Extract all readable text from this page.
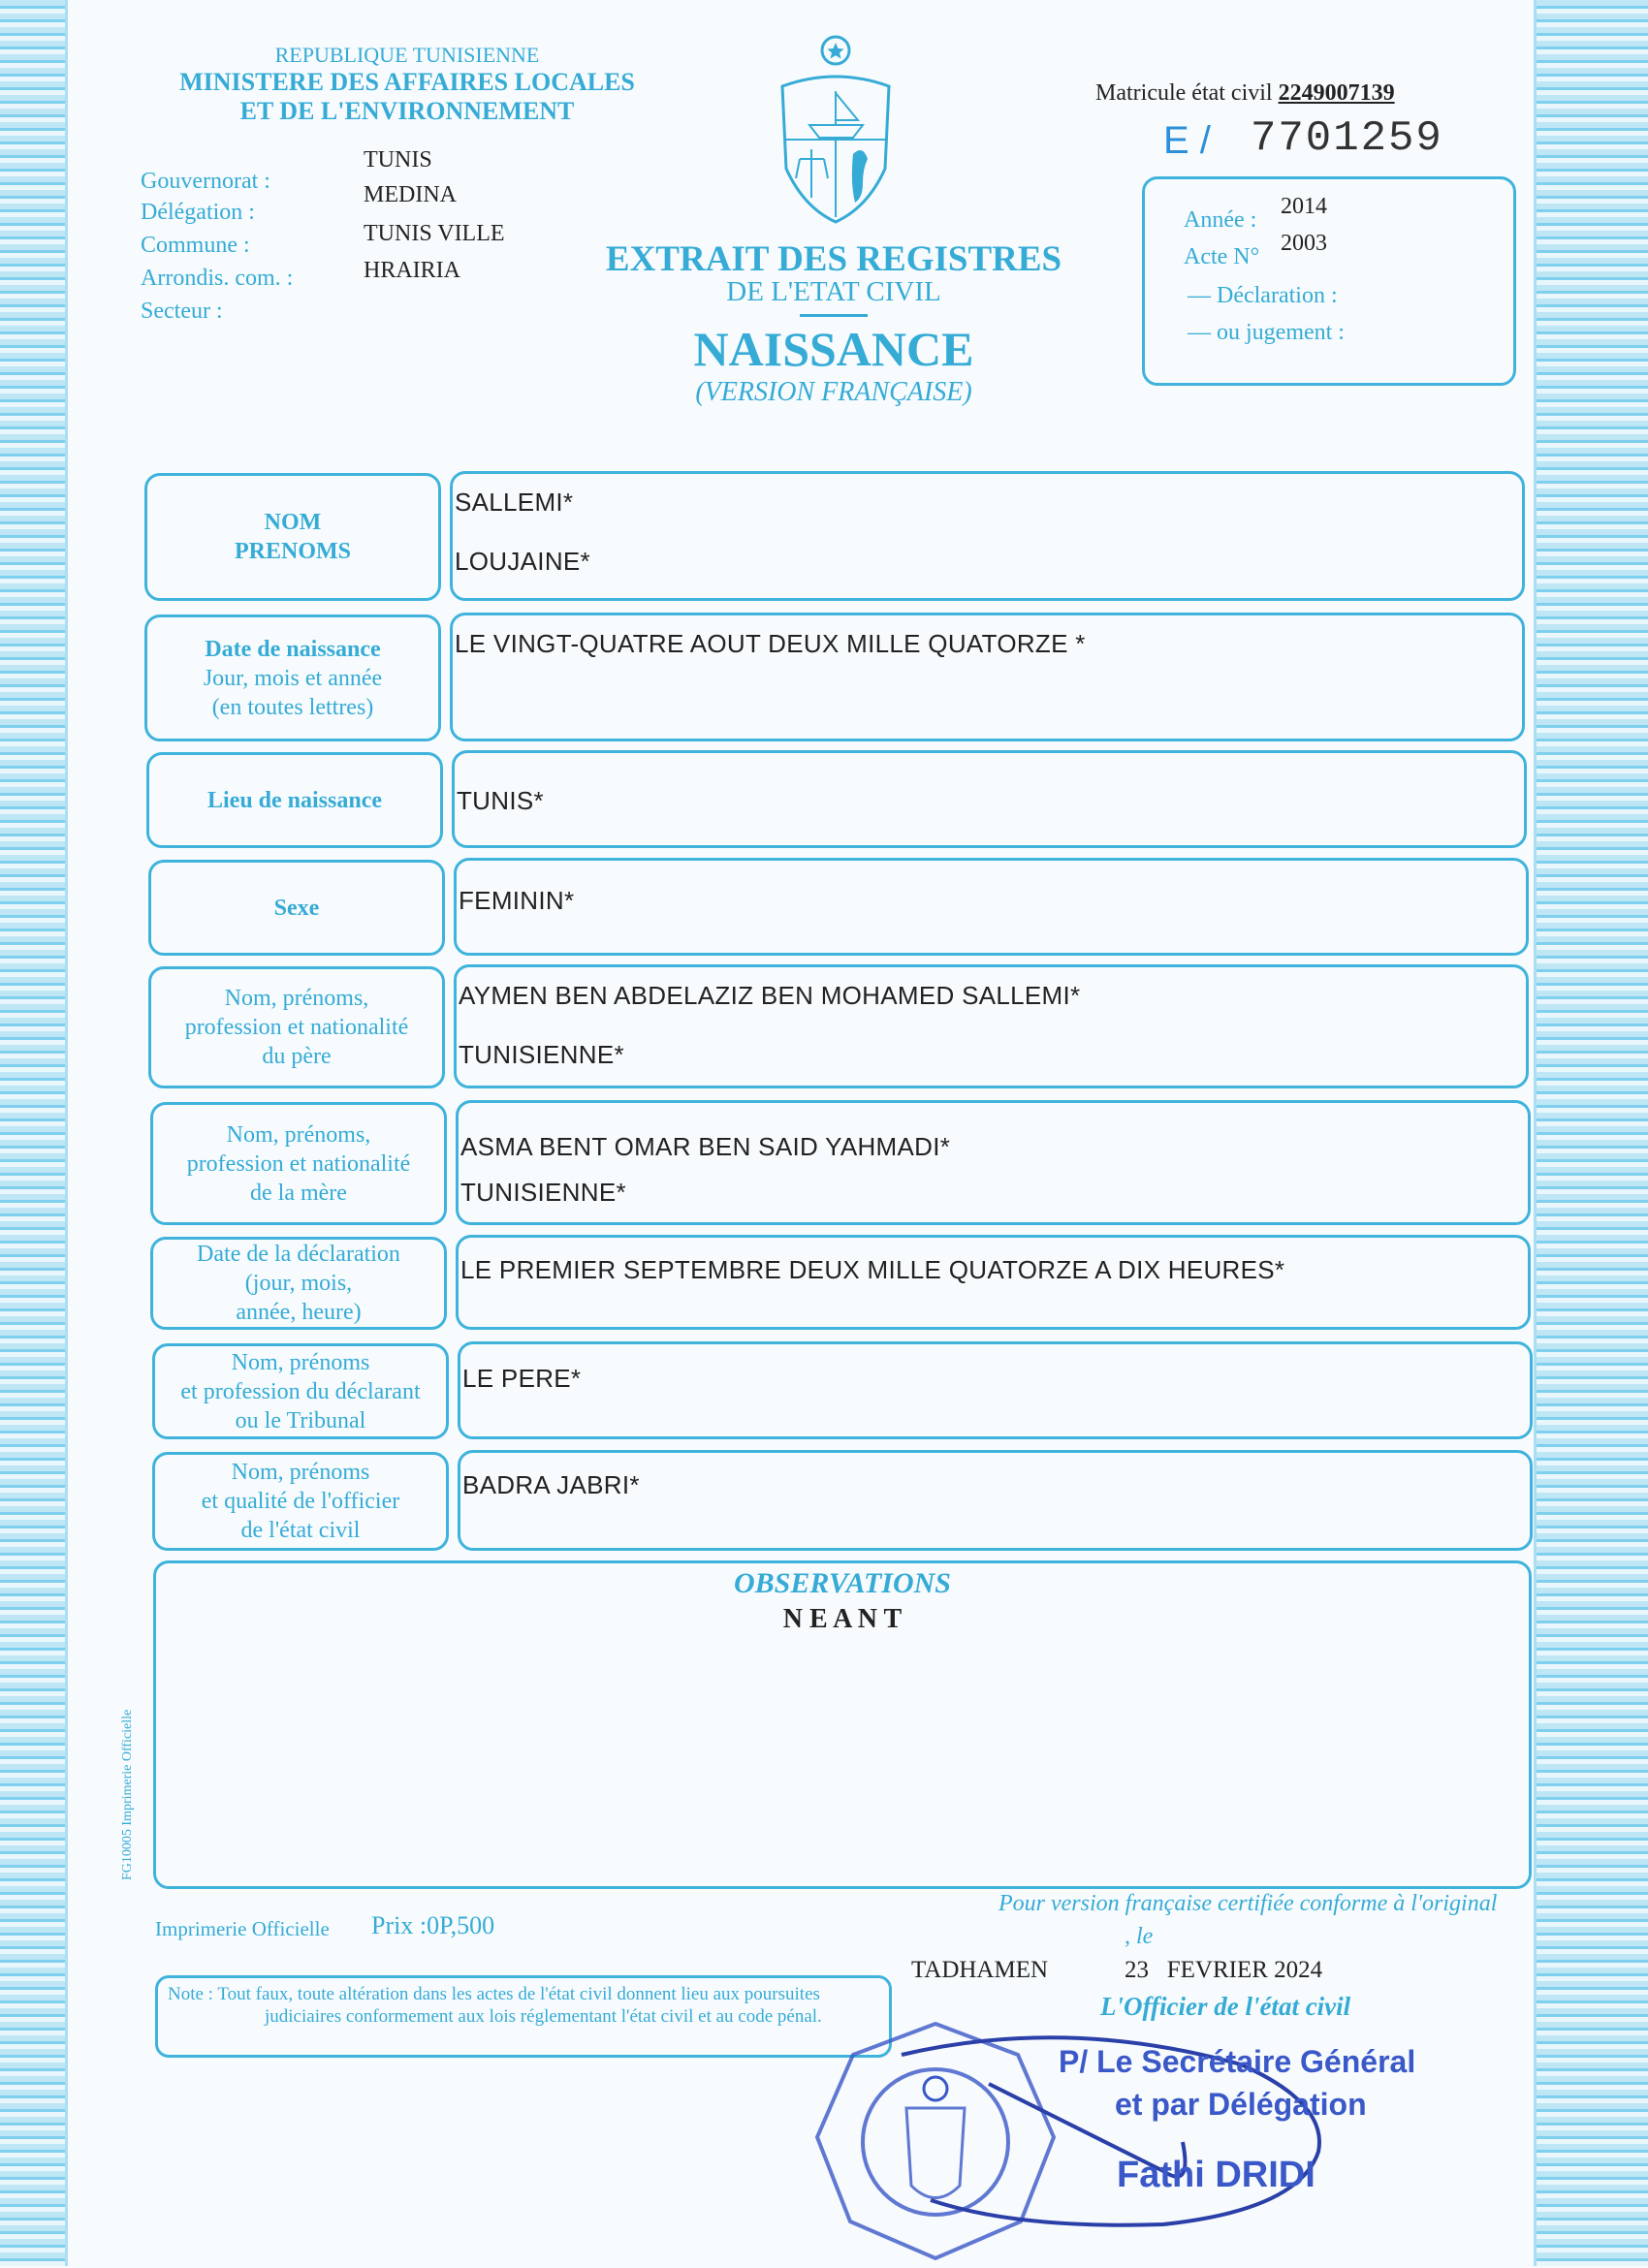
REPUBLIQUE TUNISIENNE
MINISTERE DES AFFAIRES LOCALES
ET DE L'ENVIRONNEMENT
Gouvernorat :
TUNIS
Délégation :
MEDINA
Commune :	TUNIS VILLE
Arrondis. com. :	HRAIRIA
Secteur :
EXTRAIT DES REGISTRES
DE L'ETAT CIVIL
NAISSANCE
(VERSION FRANÇAISE)
Matricule état civil 2249007139
E / 7701259
Année :
2014
Acte N°
2003
— Déclaration :
— ou jugement :
NOM
PRENOMS
SALLEMI*
LOUJAINE*
Date de naissance
Jour, mois et année
(en toutes lettres)
LE VINGT-QUATRE AOUT DEUX MILLE QUATORZE *
Lieu de naissance	TUNIS*
Sexe	FEMININ*
Nom, prénoms,
profession et nationalité
du père
AYMEN BEN ABDELAZIZ BEN MOHAMED SALLEMI*
TUNISIENNE*
Nom, prénoms,
profession et nationalité
de la mère
ASMA BENT OMAR BEN SAID YAHMADI*
TUNISIENNE*
Date de la déclaration
(jour, mois,
année, heure)
LE PREMIER SEPTEMBRE DEUX MILLE QUATORZE A DIX HEURES*
Nom, prénoms
et profession du déclarant
ou le Tribunal
LE PERE*
Nom, prénoms
et qualité de l'officier
de l'état civil
BADRA JABRI*
OBSERVATIONS
N E A N T
FG10005 Imprimerie Officielle
Imprimerie Officielle Prix :0P,500
Pour version française certifiée conforme à l'original
, le
TADHAMEN	23   FEVRIER 2024
L'Officier de l'état civil
Note : Tout faux, toute altération dans les actes de l'état civil donnent lieu aux poursuites judiciaires conformement aux lois réglementant l'état civil et au code pénal.
P/ Le Secrétaire Général
et par Délégation
Fathi DRIDI
